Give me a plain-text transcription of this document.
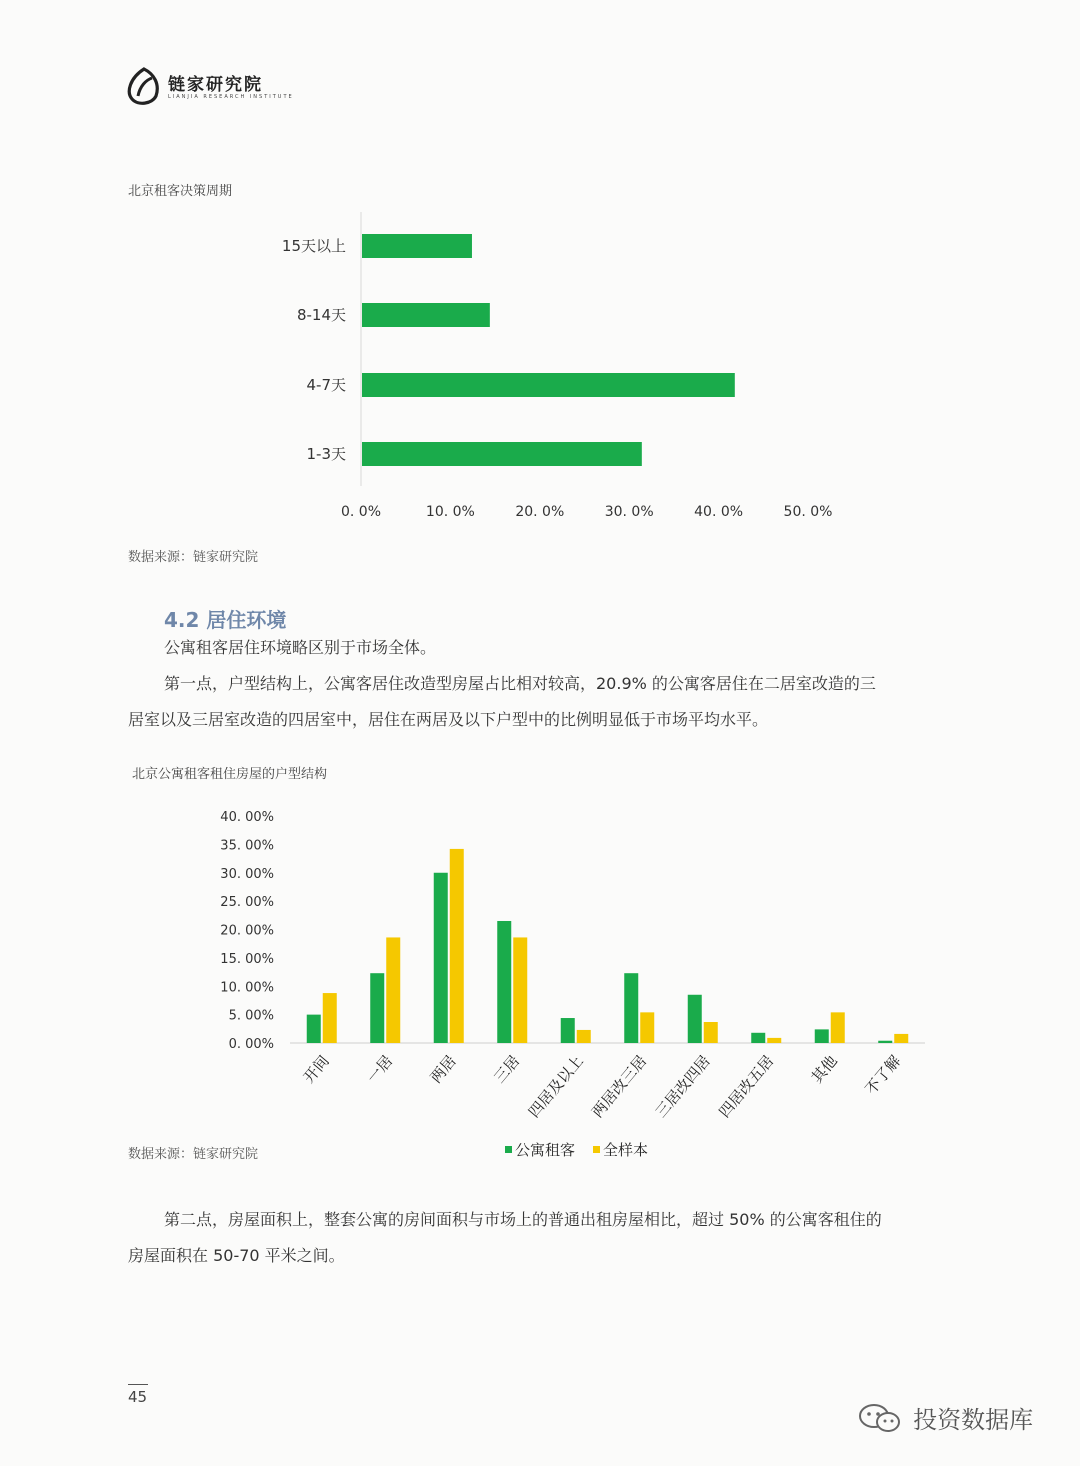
链家研究院
LIANJIA RESEARCH INSTITUTE
北京租客决策周期
15天以上
8-14天
4-7天
1-3天
0. 0%	10. 0%	20. 0%	30. 0%	40. 0%	50. 0%
数据来源：链家研究院
4.2 居住环境
公寓租客居住环境略区别于市场全体。
第一点，户型结构上，公寓客居住改造型房屋占比相对较高，20.9% 的公寓客居住在二居室改造的三
居室以及三居室改造的四居室中，居住在两居及以下户型中的比例明显低于市场平均水平。
北京公寓租客租住房屋的户型结构
0. 00%
5. 00%
10. 00%
15. 00%
20. 00%
25. 00%
30. 00%
35. 00%
40. 00%
开间 一居 两居 三居 四居及以上 两居改三居 三居改四居 四居改五居 其他 不了解
公寓租客 全样本
数据来源：链家研究院
第二点，房屋面积上，整套公寓的房间面积与市场上的普通出租房屋相比，超过 50% 的公寓客租住的
房屋面积在 50-70 平米之间。
45
投资数据库
